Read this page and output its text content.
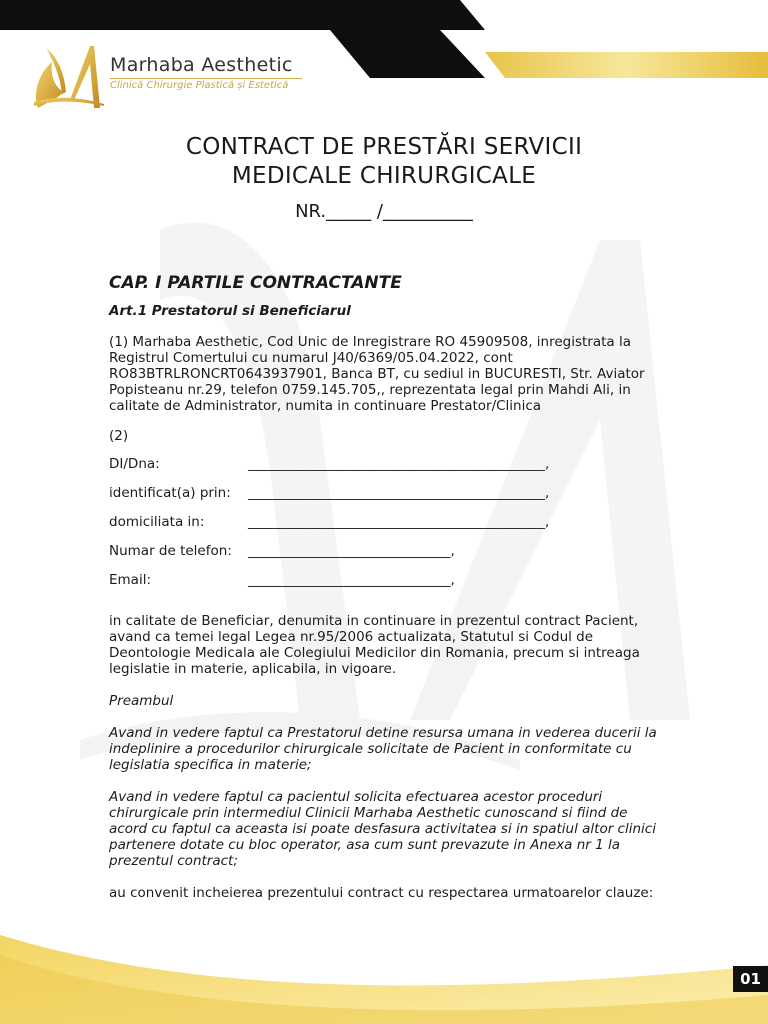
Marhaba Aesthetic
Clinică Chirurgie Plastică și Estetică
CONTRACT DE PRESTĂRI SERVICII
MEDICALE CHIRURGICALE
NR._____ /__________
CAP. I PARTILE CONTRACTANTE
Art.1 Prestatorul si Beneficiarul
(1) Marhaba Aesthetic, Cod Unic de Inregistrare RO 45909508, inregistrata la Registrul Comertului cu numarul J40/6369/05.04.2022, cont RO83BTRLRONCRT0643937901, Banca BT, cu sediul in BUCURESTI, Str. Aviator Popisteanu nr.29, telefon 0759.145.705,, reprezentata legal prin Mahdi Ali, in calitate de Administrator, numita in continuare Prestator/Clinica
(2)
DI/Dna:	____________________________________________,
identificat(a) prin: ____________________________________________,
domiciliata in:	____________________________________________,
Numar de telefon: ______________________________,
Email:	______________________________,
in calitate de Beneficiar, denumita in continuare in prezentul contract Pacient, avand ca temei legal Legea nr.95/2006 actualizata, Statutul si Codul de Deontologie Medicala ale Colegiului Medicilor din Romania, precum si intreaga legislatie in materie, aplicabila, in vigoare.
Preambul
Avand in vedere faptul ca Prestatorul detine resursa umana in vederea ducerii la indeplinire a procedurilor chirurgicale solicitate de Pacient in conformitate cu legislatia specifica in materie;
Avand in vedere faptul ca pacientul solicita efectuarea acestor proceduri chirurgicale prin intermediul Clinicii Marhaba Aesthetic cunoscand si fiind de acord cu faptul ca aceasta isi poate desfasura activitatea si in spatiul altor clinici partenere dotate cu bloc operator, asa cum sunt prevazute in Anexa nr 1 la prezentul contract;
au convenit incheierea prezentului contract cu respectarea urmatoarelor clauze:
01
